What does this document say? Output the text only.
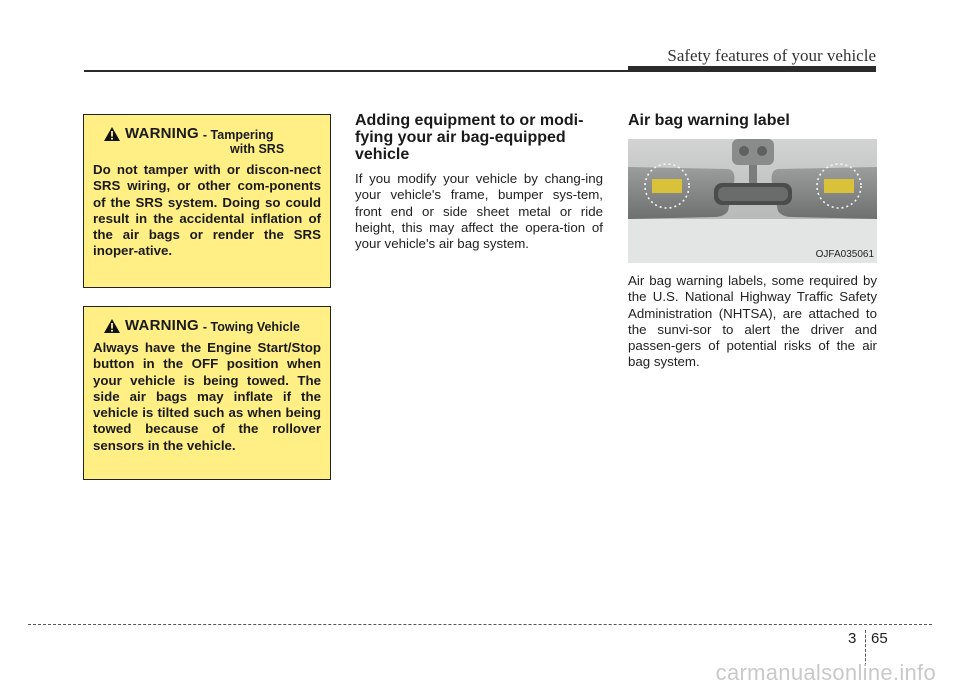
Safety features of your vehicle
WARNING - Tampering
with SRS
Do not tamper with or discon-nect SRS wiring, or other com-ponents of the SRS system. Doing so could result in the accidental inflation of the air bags or render the SRS inoper-ative.
WARNING - Towing Vehicle
Always have the Engine Start/Stop button in the OFF position when your vehicle is being towed. The side air bags may inflate if the vehicle is tilted such as when being towed because of the rollover sensors in the vehicle.
Adding equipment to or modi-fying your air bag-equipped vehicle
If you modify your vehicle by chang-ing your vehicle's frame, bumper sys-tem, front end or side sheet metal or ride height, this may affect the opera-tion of your vehicle's air bag system.
Air bag warning label
OJFA035061
Air bag warning labels, some required by the U.S. National Highway Traffic Safety Administration (NHTSA), are attached to the sunvi-sor to alert the driver and passen-gers of potential risks of the air bag system.
3 65
carmanualsonline.info
